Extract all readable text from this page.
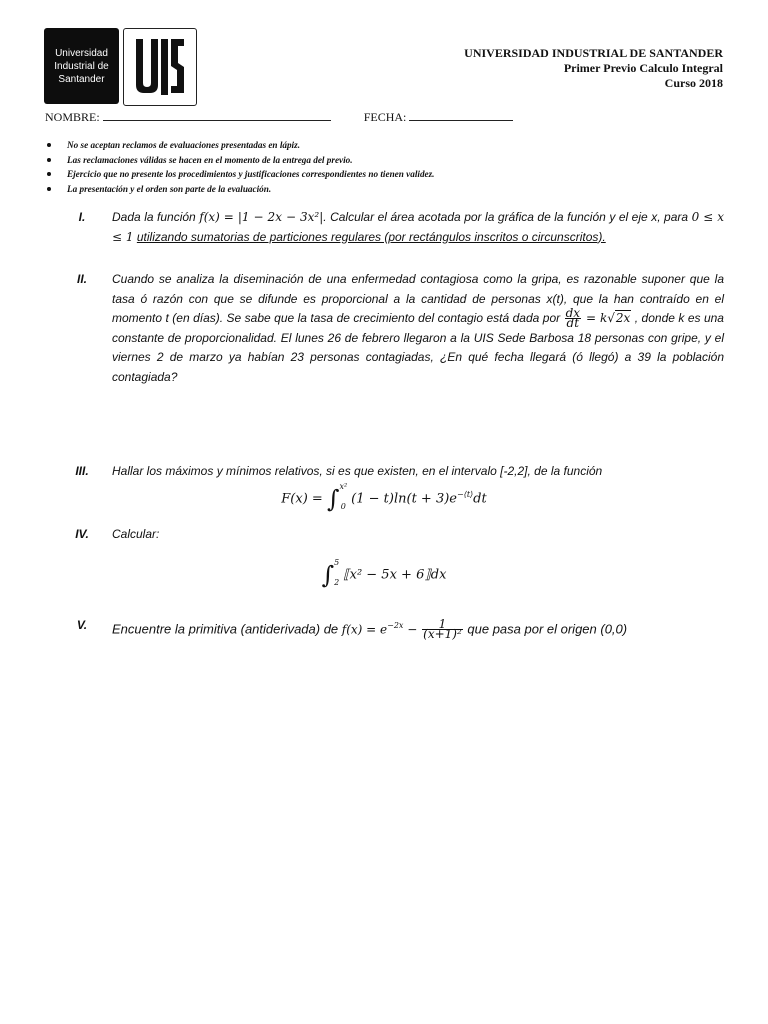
Universidad
Industrial de
Santander
UNIVERSIDAD INDUSTRIAL DE SANTANDER
Primer Previo Calculo Integral
Curso 2018
NOMBRE:	FECHA:
No se aceptan reclamos de evaluaciones presentadas en lápiz.
Las reclamaciones válidas se hacen en el momento de la entrega del previo.
Ejercicio que no presente los procedimientos y justificaciones correspondientes no tienen validez.
La presentación y el orden son parte de la evaluación.
I.	Dada la función f(x) = |1 − 2x − 3x²|. Calcular el área acotada por la gráfica de la función y el eje x, para 0 ≤ x ≤ 1 utilizando sumatorias de particiones regulares (por rectángulos inscritos o circunscritos).
II.	Cuando se analiza la diseminación de una enfermedad contagiosa como la gripa, es razonable suponer que la tasa ó razón con que se difunde es proporcional a la cantidad de personas x(t), que la han contraído en el momento t (en días). Se sabe que la tasa de crecimiento del contagio está dada por $\frac{dx}{dt} = k√2x$ , donde k es una constante de proporcionalidad. El lunes 26 de febrero llegaron a la UIS Sede Barbosa 18 personas con gripe, y el viernes 2 de marzo ya habían 23 personas contagiadas, ¿En qué fecha llegará (ó llegó) a 39 la población contagiada?
III.	Hallar los máximos y mínimos relativos, si es que existen, en el intervalo [-2,2], de la función
F(x) = ∫ x²
0 $(1 - t)\ln(t + 3)e^{-⟨t⟩}dt$
IV.	Calcular:
∫ 5
2 ⟦x² − 5x + 6⟧dx
V.	Encuentre la primitiva (antiderivada) de $f(x) = e^{-2x} - \frac{1}{\text{(x+1)²}}$ que pasa por el origen (0,0)
